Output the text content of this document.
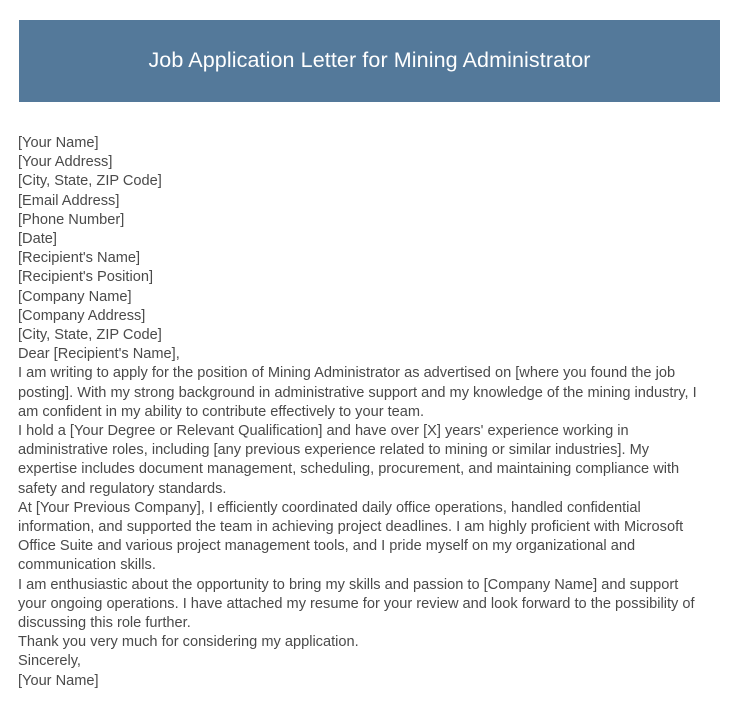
Job Application Letter for Mining Administrator
[Your Name]
[Your Address]
[City, State, ZIP Code]
[Email Address]
[Phone Number]
[Date]
[Recipient's Name]
[Recipient's Position]
[Company Name]
[Company Address]
[City, State, ZIP Code]
Dear [Recipient's Name],

I am writing to apply for the position of Mining Administrator as advertised on [where you found the job posting]. With my strong background in administrative support and my knowledge of the mining industry, I am confident in my ability to contribute effectively to your team.

I hold a [Your Degree or Relevant Qualification] and have over [X] years' experience working in administrative roles, including [any previous experience related to mining or similar industries]. My expertise includes document management, scheduling, procurement, and maintaining compliance with safety and regulatory standards.

At [Your Previous Company], I efficiently coordinated daily office operations, handled confidential information, and supported the team in achieving project deadlines. I am highly proficient with Microsoft Office Suite and various project management tools, and I pride myself on my organizational and communication skills.

I am enthusiastic about the opportunity to bring my skills and passion to [Company Name] and support your ongoing operations. I have attached my resume for your review and look forward to the possibility of discussing this role further.

Thank you very much for considering my application.

Sincerely,
[Your Name]
